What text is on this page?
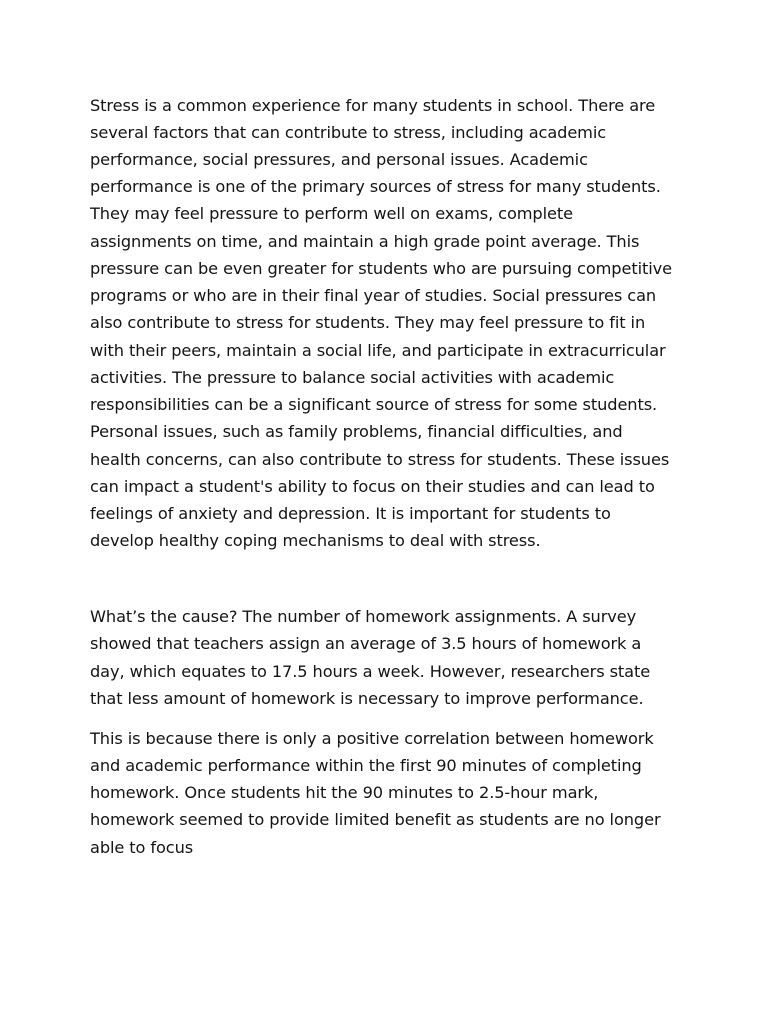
Stress is a common experience for many students in school. There are

several factors that can contribute to stress, including academic

performance, social pressures, and personal issues. Academic

performance is one of the primary sources of stress for many students.

They may feel pressure to perform well on exams, complete

assignments on time, and maintain a high grade point average. This

pressure can be even greater for students who are pursuing competitive

programs or who are in their final year of studies. Social pressures can

also contribute to stress for students. They may feel pressure to fit in

with their peers, maintain a social life, and participate in extracurricular

activities. The pressure to balance social activities with academic

responsibilities can be a significant source of stress for some students.

Personal issues, such as family problems, financial difficulties, and

health concerns, can also contribute to stress for students. These issues

can impact a student's ability to focus on their studies and can lead to

feelings of anxiety and depression. It is important for students to

develop healthy coping mechanisms to deal with stress.

What’s the cause? The number of homework assignments. A survey

showed that teachers assign an average of 3.5 hours of homework a

day, which equates to 17.5 hours a week. However, researchers state

that less amount of homework is necessary to improve performance.

This is because there is only a positive correlation between homework

and academic performance within the first 90 minutes of completing

homework. Once students hit the 90 minutes to 2.5-hour mark,

homework seemed to provide limited benefit as students are no longer

able to focus
